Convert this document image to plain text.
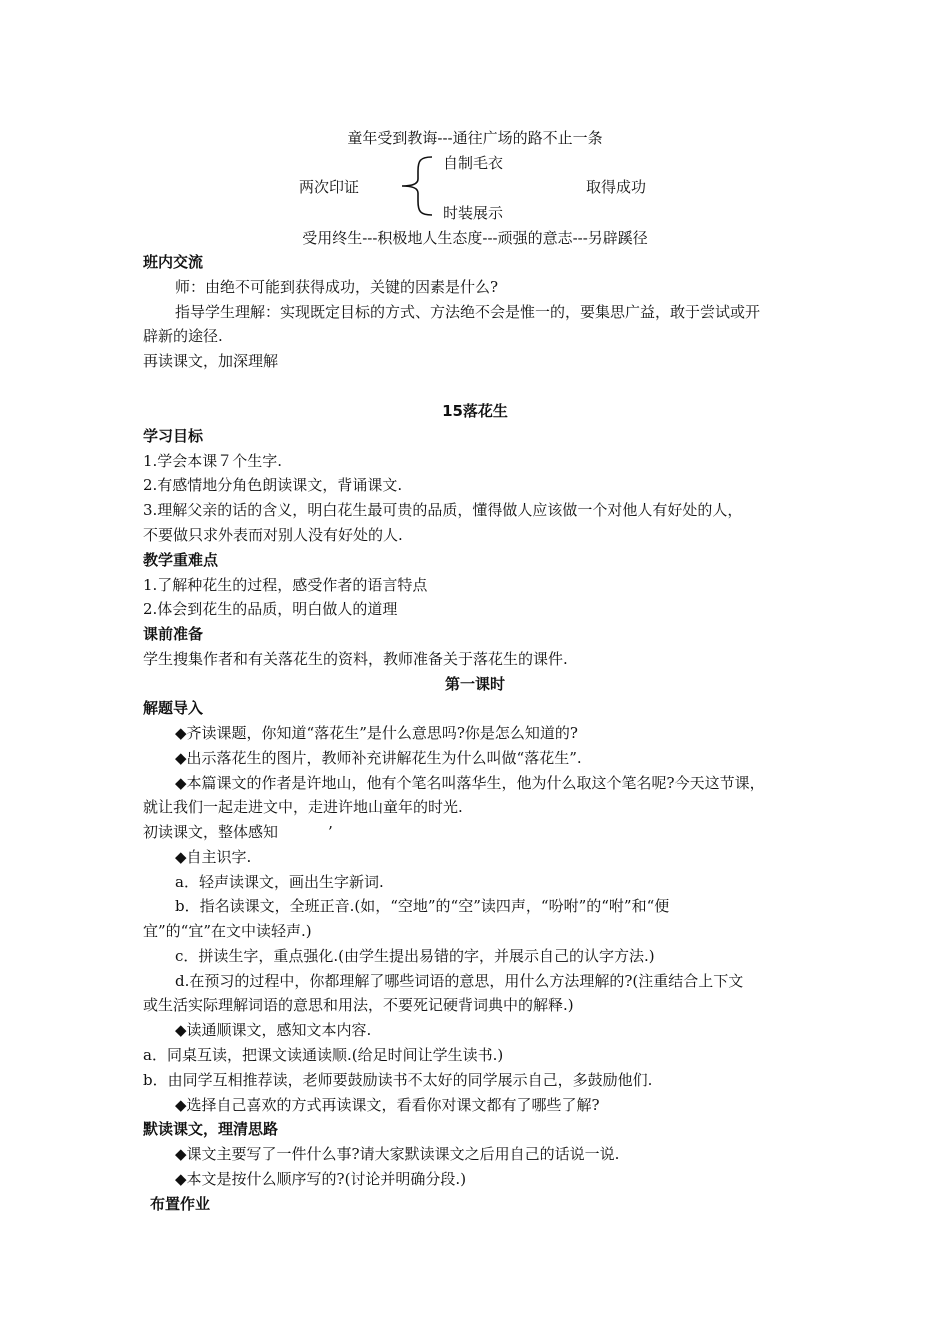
童年受到教诲---通往广场的路不止一条
两次印证
自制毛衣
时装展示
取得成功
受用终生---积极地人生态度---顽强的意志---另辟蹊径
班内交流
师：由绝不可能到获得成功，关键的因素是什么?
指导学生理解：实现既定目标的方式、方法绝不会是惟一的，要集思广益，敢于尝试或开
辟新的途径.
再读课文，加深理解
15落花生
学习目标
1.学会本课７个生字.
2.有感情地分角色朗读课文，背诵课文.
3.理解父亲的话的含义，明白花生最可贵的品质，懂得做人应该做一个对他人有好处的人，
不要做只求外表而对别人没有好处的人.
教学重难点
1.了解种花生的过程，感受作者的语言特点
2.体会到花生的品质，明白做人的道理
课前准备
学生搜集作者和有关落花生的资料，教师准备关于落花生的课件.
第一课时
解题导入
◆齐读课题，你知道“落花生”是什么意思吗?你是怎么知道的?
◆出示落花生的图片，教师补充讲解花生为什么叫做“落花生”.
◆本篇课文的作者是许地山，他有个笔名叫落华生，他为什么取这个笔名呢?今天这节课，
就让我们一起走进文中，走进许地山童年的时光.
初读课文，整体感知	’
◆自主识字.
a．轻声读课文，画出生字新词.
b．指名读课文，全班正音.(如，“空地”的“空”读四声，“吩咐”的“咐”和“便
宜”的“宜”在文中读轻声.)
c．拼读生字，重点强化.(由学生提出易错的字，并展示自己的认字方法.)
d.在预习的过程中，你都理解了哪些词语的意思，用什么方法理解的?(注重结合上下文
或生活实际理解词语的意思和用法，不要死记硬背词典中的解释.)
◆读通顺课文，感知文本内容.
a．同桌互读，把课文读通读顺.(给足时间让学生读书.)
b．由同学互相推荐读，老师要鼓励读书不太好的同学展示自己，多鼓励他们.
◆选择自己喜欢的方式再读课文，看看你对课文都有了哪些了解?
默读课文，理清思路
◆课文主要写了一件什么事?请大家默读课文之后用自己的话说一说.
◆本文是按什么顺序写的?(讨论并明确分段.)
布置作业
